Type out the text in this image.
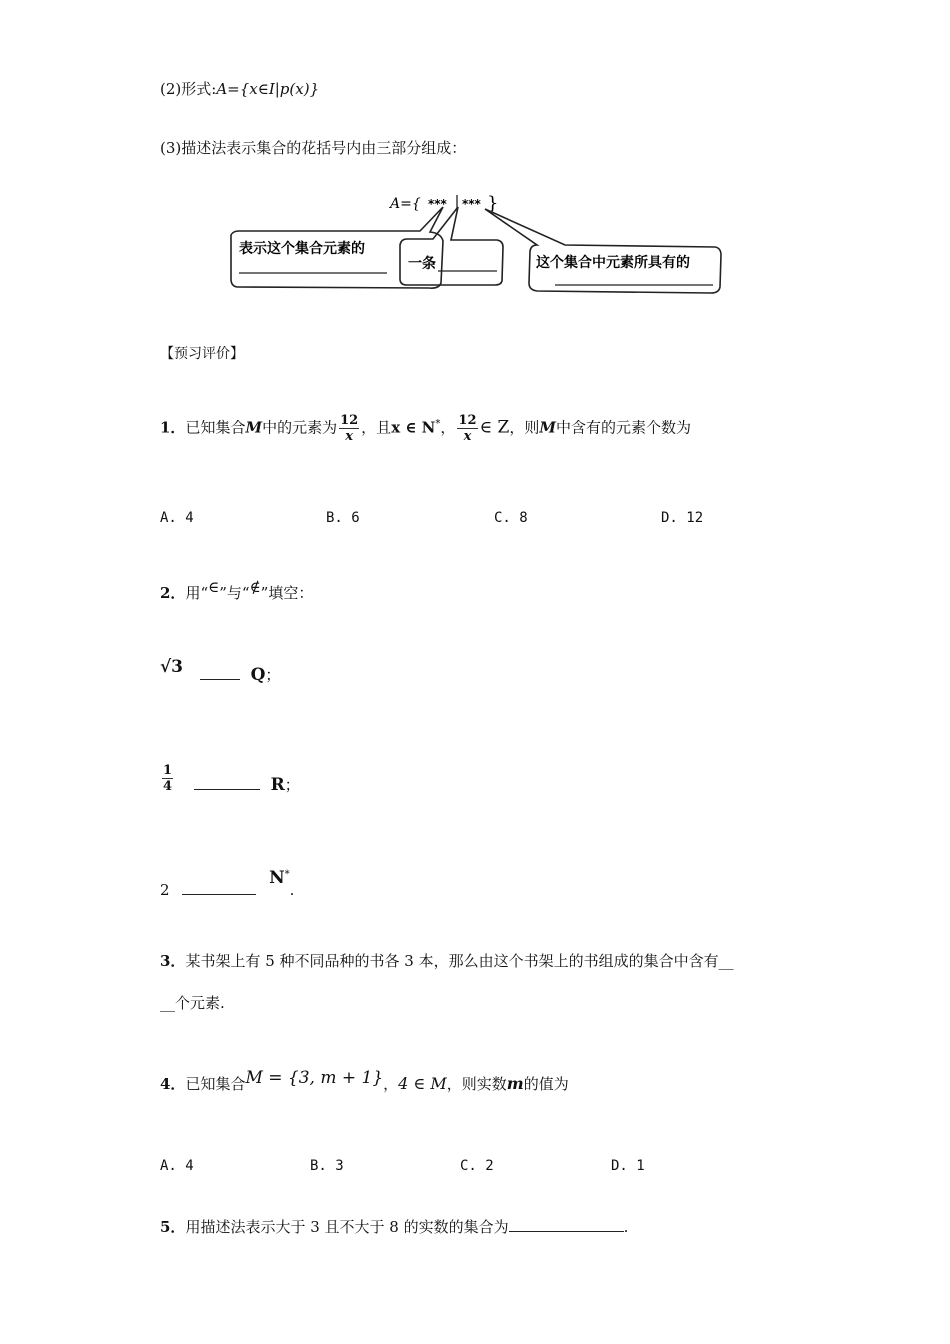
(2)形式:A={x∈I|p(x)}
(3)描述法表示集合的花括号内由三部分组成：
A={ *** *** }
表示这个集合元素的
一条	这个集合中元素所具有的
【预习评价】
1．已知集合M中的元素为 $\frac{12}{x}$ ，且x ∈ N*， $\frac{12}{x}$ ∈ Z，则M中含有的元素个数为
A. 4	B. 6	C. 8	D. 12
2．用“∈”与“∉”填空：
√3	Q；
$\frac{1}{4}$	R；
2  N*.
3．某书架上有 5 种不同品种的书各 3 本，那么由这个书架上的书组成的集合中含有__
__个元素.
4．已知集合M = {3, m + 1}，4 ∈ M，则实数m的值为
A. 4	B. 3	C. 2	D. 1
5．用描述法表示大于 3 且不大于 8 的实数的集合为	.
